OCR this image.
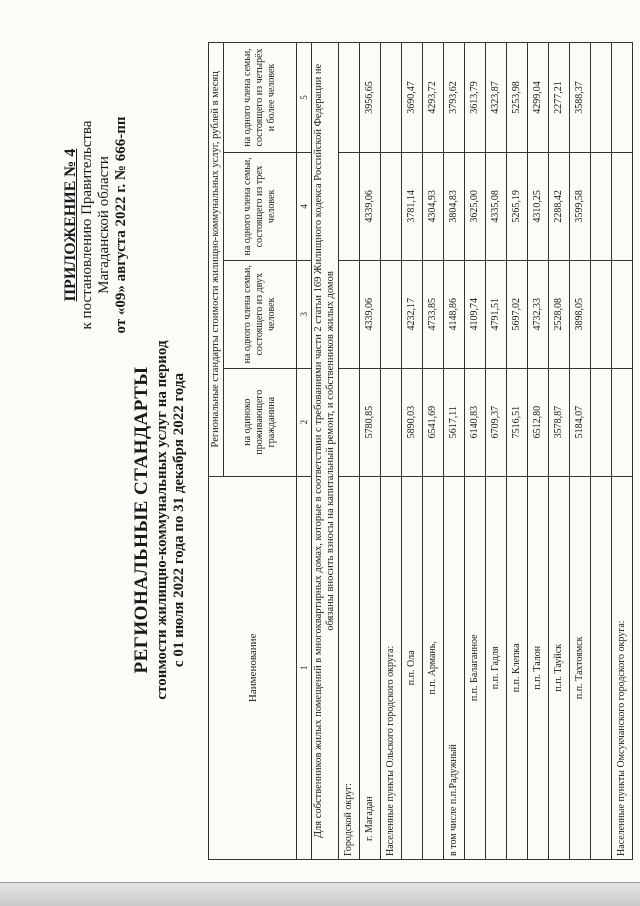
ПРИЛОЖЕНИЕ № 4 к постановлению Правительства Магаданской области от «09» августа 2022 г. № 666-пп
РЕГИОНАЛЬНЫЕ СТАНДАРТЫ стоимости жилищно-коммунальных услуг на период с 01 июля 2022 года по 31 декабря 2022 года
Наименование	Региональные стандарты стоимости жилищно-коммунальных услуг, рублей в месяц			
	на одиноко проживающего гражданина	на одного члена семьи, состоящего из двух человек	на одного члена семьи, состоящего из трех человек	на одного члена семьи, состоящего из четырёх и более человек
1	2	3	4	5
Для собственников жилых помещений в многоквартирных домах, которые в соответствии с требованиями части 2 статьи 169 Жилищного кодекса Российской Федерации не обязаны вносить взносы на капитальный ремонт, и собственников жилых домов				
Городской округ:				
г. Магадан	5780,85	4339,06	4339,06	3956,65
Населенные пункты Ольского городского округа:				
п.п. Ола	5890,03	4232,17	3781,14	3690,47
п.п. Армань,	6541,69	4733,85	4304,93	4293,72
в том числе п.п.Радужный	5617,11	4148,86	3804,83	3793,62
п.п. Балаганное	6140,83	4109,74	3625,00	3613,79
п.п. Гадля	6709,37	4791,51	4335,08	4323,87
п.п. Клепка	7516,51	5697,02	5265,19	5253,98
п.п. Талон	6512,80	4732,33	4310,25	4299,04
п.п. Тауйск	3578,87	2528,08	2288,42	2277,21
п.п. Тахтоямск	5184,07	3898,05	3599,58	3588,37

Населенные пункты Омсукчанского городского округа:				
